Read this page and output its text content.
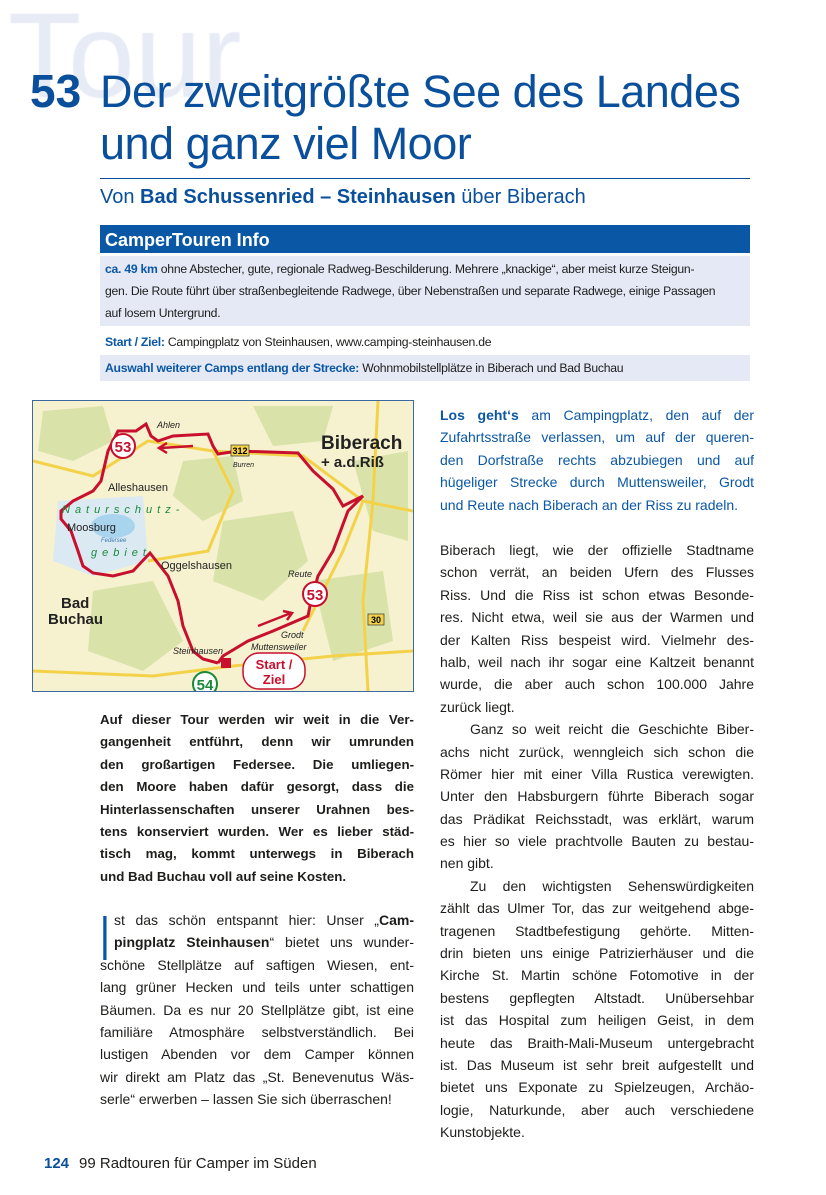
53 Der zweitgrößte See des Landes
und ganz viel Moor
Von Bad Schussenried – Steinhausen über Biberach
CamperTouren Info
ca. 49 km ohne Abstecher, gute, regionale Radweg-Beschilderung. Mehrere „knackige“, aber meist kurze Steigun-
gen. Die Route führt über straßenbegleitende Radwege, über Nebenstraßen und separate Radwege, einige Passagen
auf losem Untergrund.
Start / Ziel: Campingplatz von Steinhausen, www.camping-steinhausen.de
Auswahl weiterer Camps entlang der Strecke: Wohnmobilstellplätze in Biberach und Bad Buchau
53
53
54
312
30
Start /
Ziel
Ahlen
Biberach
+ a.d.Riß
Alleshausen
Naturschutz-
Moosburg
Federsee
gebiet
Oggelshausen
Bad
Buchau
Reute
Grodt
Steinhausen	Muttensweiler
Burren
Auf dieser Tour werden wir weit in die Ver-
gangenheit entführt, denn wir umrunden
den großartigen Federsee. Die umliegen-
den Moore haben dafür gesorgt, dass die
Hinterlassenschaften unserer Urahnen bes-
tens konserviert wurden. Wer es lieber städ-
tisch mag, kommt unterwegs in Biberach
und Bad Buchau voll auf seine Kosten.
I st das schön entspannt hier: Unser „Cam-
pingplatz Steinhausen“ bietet uns wunder-
schöne Stellplätze auf saftigen Wiesen, ent-
lang grüner Hecken und teils unter schattigen
Bäumen. Da es nur 20 Stellplätze gibt, ist eine
familiäre Atmosphäre selbstverständlich. Bei
lustigen Abenden vor dem Camper können
wir direkt am Platz das „St. Benevenutus Wäs-
serle“ erwerben – lassen Sie sich überraschen!
Los geht‘s am Campingplatz, den auf der
Zufahrtsstraße verlassen, um auf der queren-
den Dorfstraße rechts abzubiegen und auf
hügeliger Strecke durch Muttensweiler, Grodt
und Reute nach Biberach an der Riss zu radeln.
Biberach liegt, wie der offizielle Stadtname
schon verrät, an beiden Ufern des Flusses
Riss. Und die Riss ist schon etwas Besonde-
res. Nicht etwa, weil sie aus der Warmen und
der Kalten Riss bespeist wird. Vielmehr des-
halb, weil nach ihr sogar eine Kaltzeit benannt
wurde, die aber auch schon 100.000 Jahre
zurück liegt.
Ganz so weit reicht die Geschichte Biber-
achs nicht zurück, wenngleich sich schon die
Römer hier mit einer Villa Rustica verewigten.
Unter den Habsburgern führte Biberach sogar
das Prädikat Reichsstadt, was erklärt, warum
es hier so viele prachtvolle Bauten zu bestau-
nen gibt.
Zu den wichtigsten Sehenswürdigkeiten
zählt das Ulmer Tor, das zur weitgehend abge-
tragenen Stadtbefestigung gehörte. Mitten-
drin bieten uns einige Patrizierhäuser und die
Kirche St. Martin schöne Fotomotive in der
bestens gepflegten Altstadt. Unübersehbar
ist das Hospital zum heiligen Geist, in dem
heute das Braith-Mali-Museum untergebracht
ist. Das Museum ist sehr breit aufgestellt und
bietet uns Exponate zu Spielzeugen, Archäo-
logie, Naturkunde, aber auch verschiedene
Kunstobjekte.
124 99 Radtouren für Camper im Süden
